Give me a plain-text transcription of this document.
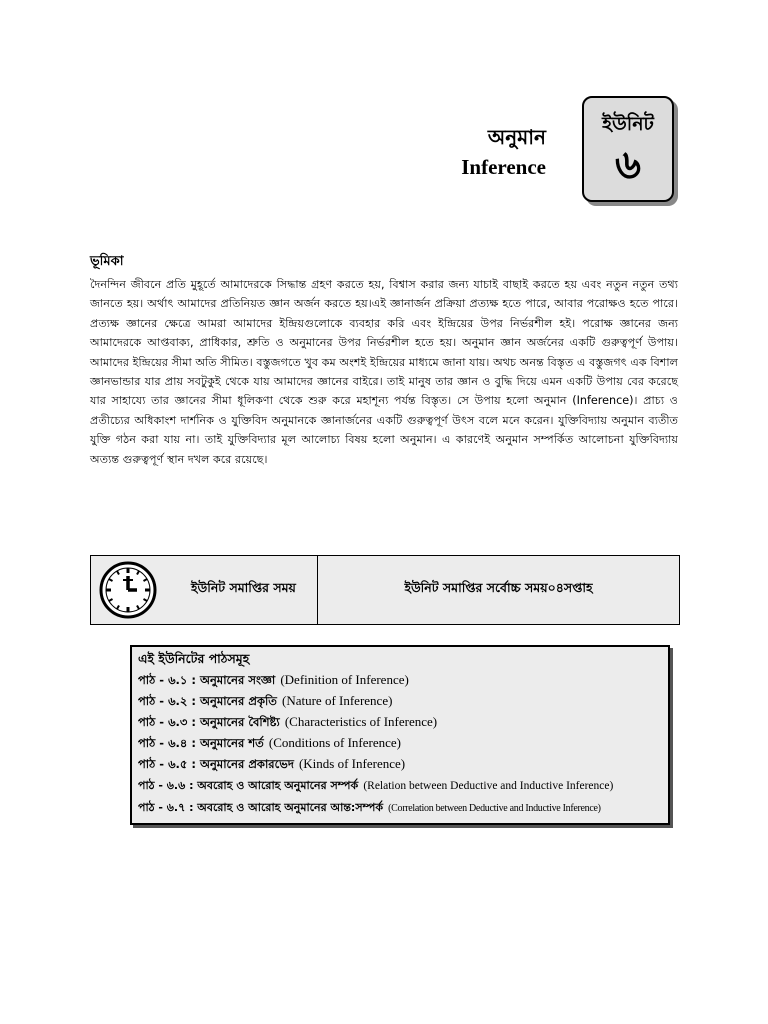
অনুমান
Inference
ইউনিট
৬
ভূমিকা

দৈনন্দিন জীবনে প্রতি মুহূর্তে আমাদেরকে সিদ্ধান্ত গ্রহণ করতে হয়, বিশ্বাস করার জন্য যাচাই বাছাই করতে হয় এবং নতুন নতুন তথ্য জানতে হয়। অর্থাৎ আমাদের প্রতিনিয়ত জ্ঞান অর্জন করতে হয়।এই জ্ঞানার্জন প্রক্রিয়া প্রত্যক্ষ হতে পারে, আবার পরোক্ষও হতে পারে। প্রত্যক্ষ জ্ঞানের ক্ষেত্রে আমরা আমাদের ইন্দ্রিয়গুলোকে ব্যবহার করি এবং ইন্দ্রিয়ের উপর নির্ভরশীল হই। পরোক্ষ জ্ঞানের জন্য আমাদেরকে আপ্তবাক্য, প্রাধিকার, শ্রুতি ও অনুমানের উপর নির্ভরশীল হতে হয়। অনুমান জ্ঞান অর্জনের একটি গুরুত্বপূর্ণ উপায়। আমাদের ইন্দ্রিয়ের সীমা অতি সীমিত। বস্তুজগতে খুব কম অংশই ইন্দ্রিয়ের মাধ্যমে জানা যায়। অথচ অনন্ত বিস্তৃত এ বস্তুজগৎ এক বিশাল জ্ঞানভান্ডার যার প্রায় সবটুকুই থেকে যায় আমাদের জ্ঞানের বাইরে। তাই মানুষ তার জ্ঞান ও বুদ্ধি দিয়ে এমন একটি উপায় বের করেছে যার সাহায্যে তার জ্ঞানের সীমা ধূলিকণা থেকে শুরু করে মহাশূন্য পর্যন্ত বিস্তৃত। সে উপায় হলো অনুমান (Inference)। প্রাচ্য ও প্রতীচ্যের অধিকাংশ দার্শনিক ও যুক্তিবিদ অনুমানকে জ্ঞানার্জনের একটি গুরুত্বপূর্ণ উৎস বলে মনে করেন। যুক্তিবিদ্যায় অনুমান ব্যতীত যুক্তি গঠন করা যায় না। তাই যুক্তিবিদ্যার মূল আলোচ্য বিষয় হলো অনুমান। এ কারণেই অনুমান সম্পর্কিত আলোচনা যুক্তিবিদ্যায় অত্যন্ত গুরুত্বপূর্ণ স্থান দখল করে রয়েছে।

ইউনিট সমাপ্তির সময়	ইউনিট সমাপ্তির সর্বোচ্চ সময়০৪সপ্তাহ
এই ইউনিটের পাঠসমূহ
পাঠ - ৬.১ : অনুমানের সংজ্ঞা (Definition of Inference)
পাঠ - ৬.২ : অনুমানের প্রকৃতি (Nature of Inference)
পাঠ - ৬.৩ : অনুমানের বৈশিষ্ট্য (Characteristics of Inference)
পাঠ - ৬.৪ : অনুমানের শর্ত (Conditions of Inference)
পাঠ - ৬.৫ : অনুমানের প্রকারভেদ (Kinds of Inference)
পাঠ - ৬.৬ : অবরোহ ও আরোহ অনুমানের সম্পর্ক (Relation between Deductive and Inductive Inference)
পাঠ - ৬.৭ : অবরোহ ও আরোহ অনুমানের আন্ত:সম্পর্ক (Correlation between Deductive and Inductive Inference)
